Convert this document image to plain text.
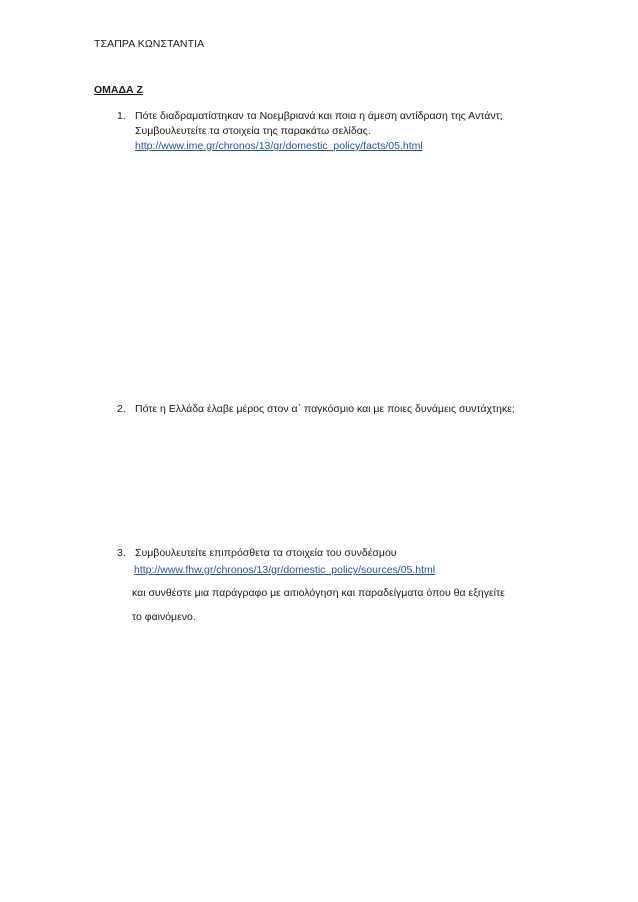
ΤΣΑΠΡΑ ΚΩΝΣΤΑΝΤΙΑ
ΟΜΑΔΑ Ζ
1. Πότε διαδραματίστηκαν τα Νοεμβριανά και ποια η άμεση αντίδραση της Αντάντ;
Συμβουλευτείτε τα στοιχεία της παρακάτω σελίδας.
http://www.ime.gr/chronos/13/gr/domestic_policy/facts/05.html
2. Πότε η Ελλάδα έλαβε μέρος στον α΄ παγκόσμιο και με ποιες δυνάμεις συντάχτηκε;
3. Συμβουλευτείτε επιπρόσθετα τα στοιχεία του συνδέσμου
http://www.fhw.gr/chronos/13/gr/domestic_policy/sources/05.html
και συνθέστε μια παράγραφο με αιτιολόγηση και παραδείγματα όπου θα εξηγείτε
το φαινόμενο.
